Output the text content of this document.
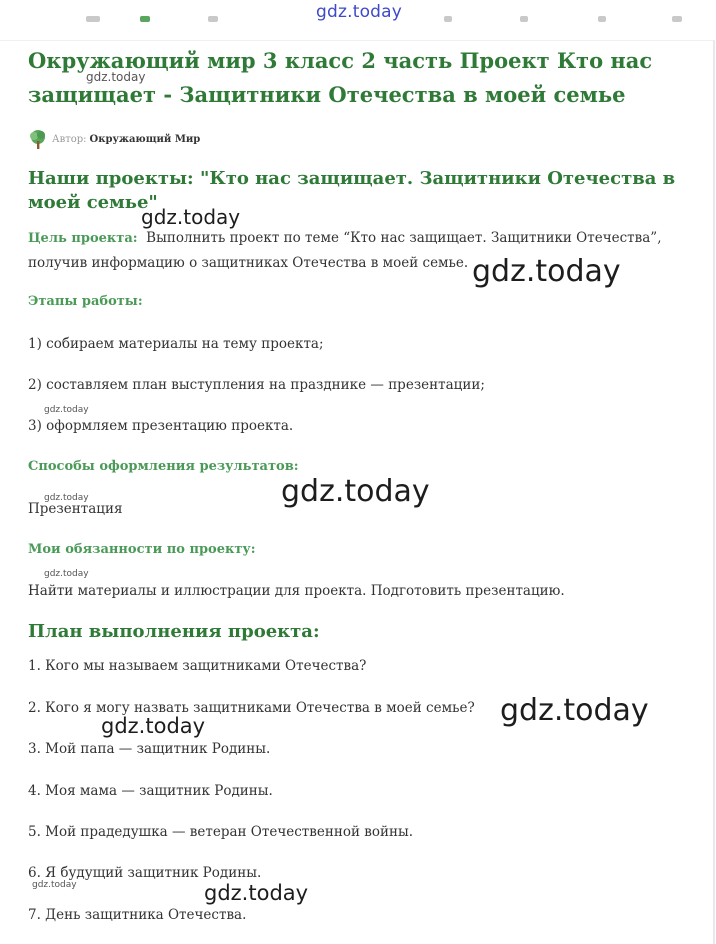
gdz.today
Окружающий мир 3 класс 2 часть Проект Кто нас защищает - Защитники Отечества в моей семье
Автор: Окружающий Мир
Наши проекты: "Кто нас защищает. Защитники Отечества в моей семье"

Цель проекта: Выполнить проект по теме “Кто нас защищает. Защитники Отечества”, получив информацию о защитниках Отечества в моей семье.

Этапы работы:

1) собираем материалы на тему проекта;

2) составляем план выступления на празднике — презентации;

3) оформляем презентацию проекта.

Способы оформления результатов:

Презентация

Мои обязанности по проекту:

Найти материалы и иллюстрации для проекта. Подготовить презентацию.

План выполнения проекта:

1. Кого мы называем защитниками Отечества?

2. Кого я могу назвать защитниками Отечества в моей семье?

3. Мой папа — защитник Родины.

4. Моя мама — защитник Родины.

5. Мой прадедушка — ветеран Отечественной войны.

6. Я будущий защитник Родины.

7. День защитника Отечества.

gdz.today
gdz.today
gdz.today
gdz.today
gdz.today
gdz.today
gdz.today
gdz.today
gdz.today
gdz.today	gdz.today
